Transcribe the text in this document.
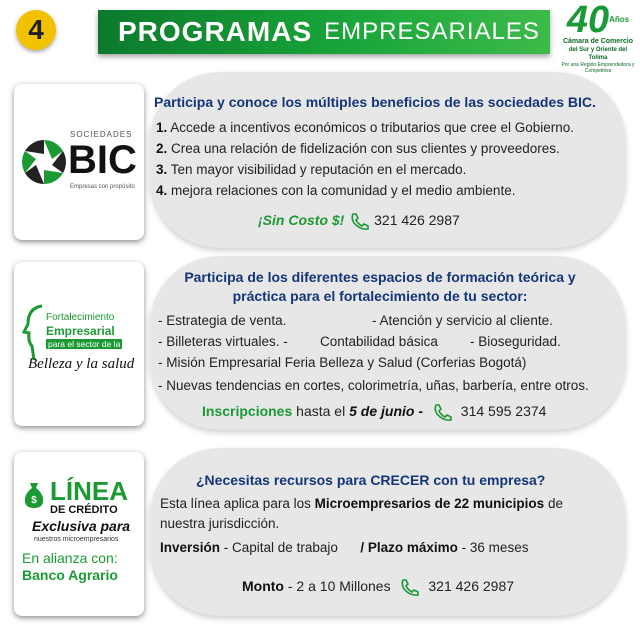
4	PROGRAMAS EMPRESARIALES $40^{Años}$
Cámara de Comercio
del Sur y Oriente del Tolima
Por una Región Emprendedora y Competitiva
SOCIEDADES
BIC
Empresas con propósito
Participa y conoce los múltiples beneficios de las sociedades BIC.
1. Accede a incentivos económicos o tributarios que cree el Gobierno.
2. Crea una relación de fidelización con sus clientes y proveedores.
3. Ten mayor visibilidad y reputación en el mercado.
4. mejora relaciones con la comunidad y el medio ambiente.
¡Sin Costo $! 321 426 2987
Fortalecimiento
Empresarial
para el sector de la
Belleza y la salud
Participa de los diferentes espacios de formación teórica y
práctica para el fortalecimiento de tu sector:
- Estrategia de venta.	- Atención y servicio al cliente.
- Billeteras virtuales. - Contabilidad básica - Bioseguridad.
- Misión Empresarial Feria Belleza y Salud (Corferias Bogotá)
- Nuevas tendencias en cortes, colorimetría, uñas, barbería, entre otros.
Inscripciones hasta el 5 de junio -	314 595 2374
$ LÍNEA
DE CRÉDITO
Exclusiva para
nuestros microempresarios
En alianza con:
Banco Agrario
¿Necesitas recursos para CRECER con tu empresa?
Esta línea aplica para los Microempresarios de 22 municipios de
nuestra jurisdicción.
Inversión - Capital de trabajo / Plazo máximo - 36 meses
Monto - 2 a 10 Millones	321 426 2987
